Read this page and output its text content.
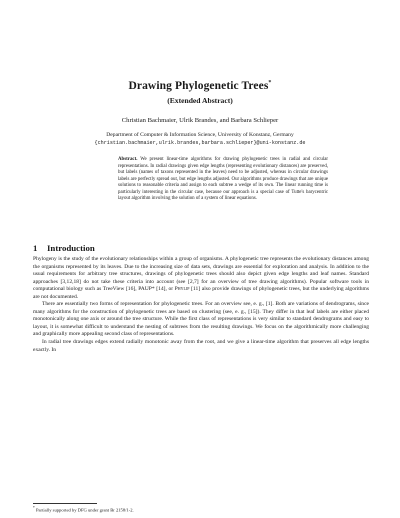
Drawing Phylogenetic Trees*
(Extended Abstract)
Christian Bachmaier, Ulrik Brandes, and Barbara Schlieper
Department of Computer & Information Science, University of Konstanz, Germany
{christian.bachmaier,ulrik.brandes,barbara.schlieper}@uni-konstanz.de
Abstract. We present linear-time algorithms for drawing phylogenetic trees in radial and circular representations. In radial drawings given edge lengths (representing evolutionary distances) are preserved, but labels (names of taxons represented in the leaves) need to be adjusted, whereas in circular drawings labels are perfectly spread out, but edge lengths adjusted. Our algorithms produce drawings that are unique solutions to reasonable criteria and assign to each subtree a wedge of its own. The linear running time is particularly interesting in the circular case, because our approach is a special case of Tutte's barycentric layout algorithm involving the solution of a system of linear equations.
1 Introduction

Phylogeny is the study of the evolutionary relationships within a group of organisms. A phylogenetic tree represents the evolutionary distances among the organisms represented by its leaves. Due to the increasing size of data sets, drawings are essential for exploration and analysis. In addition to the usual requirements for arbitrary tree structures, drawings of phylogenetic trees should also depict given edge lengths and leaf names. Standard approaches [3,12,18] do not take these criteria into account (see [2,7] for an overview of tree drawing algorithms). Popular software tools in computational biology such as TreeView [16], PAUP* [14], or Phylip [11] also provide drawings of phylogenetic trees, but the underlying algorithms are not documented.

There are essentially two forms of representation for phylogenetic trees. For an overview see, e. g., [1]. Both are variations of dendrograms, since many algorithms for the construction of phylogenetic trees are based on clustering (see, e. g., [15]). They differ in that leaf labels are either placed monotonically along one axis or around the tree structure. While the first class of representations is very similar to standard dendrograms and easy to layout, it is somewhat difficult to understand the nesting of subtrees from the resulting drawings. We focus on the algorithmically more challenging and graphically more appealing second class of representations.

In radial tree drawings edges extend radially monotonic away from the root, and we give a linear-time algorithm that preserves all edge lengths exactly. In

* Partially supported by DFG under grant Br 2158/1-2.
